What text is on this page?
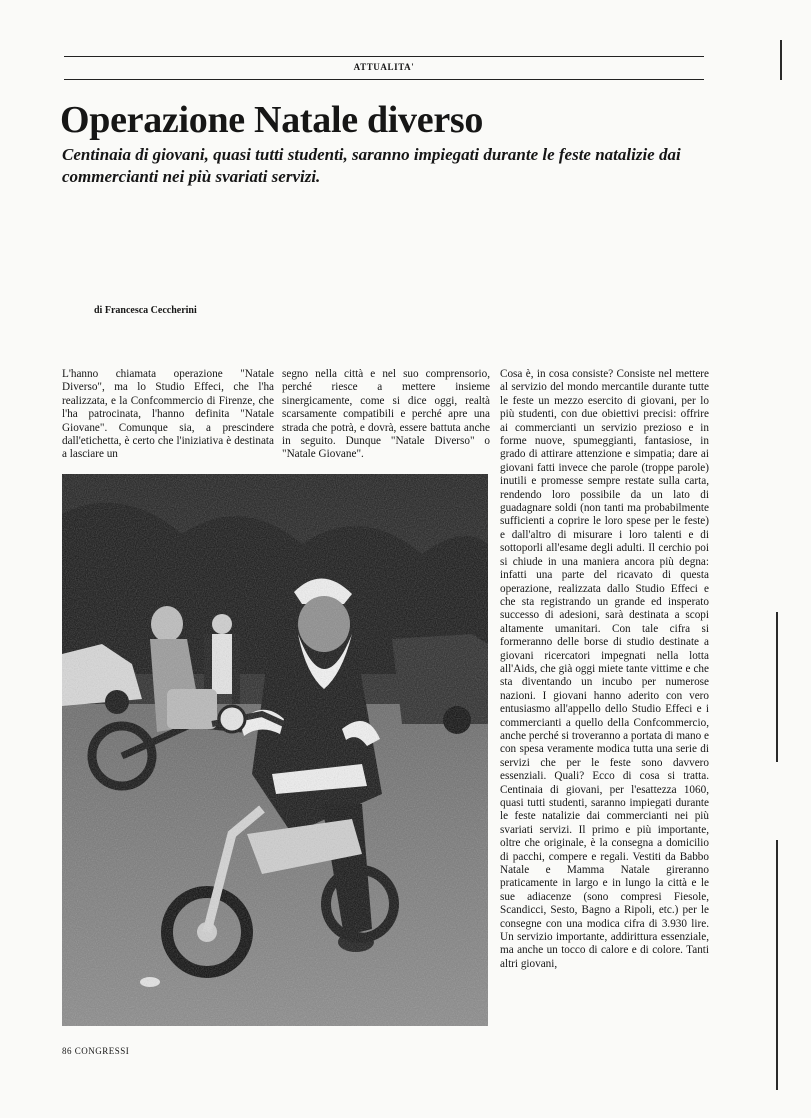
ATTUALITA'
Operazione Natale diverso

Centinaia di giovani, quasi tutti studenti, saranno impiegati durante le feste natalizie dai commercianti nei più svariati servizi.

di Francesca Ceccherini
L'hanno chiamata operazione "Natale Diverso", ma lo Studio Effeci, che l'ha realizzata, e la Confcommercio di Firenze, che l'ha patrocinata, l'hanno definita "Natale Giovane". Comunque sia, a prescindere dall'etichetta, è certo che l'iniziativa è destinata a lasciare un
segno nella città e nel suo comprensorio, perché riesce a mettere insieme sinergicamente, come si dice oggi, realtà scarsamente compatibili e perché apre una strada che potrà, e dovrà, essere battuta anche in seguito. Dunque "Natale Diverso" o "Natale Giovane".
Cosa è, in cosa consiste? Consiste nel mettere al servizio del mondo mercantile durante tutte le feste un mezzo esercito di giovani, per lo più studenti, con due obiettivi precisi: offrire ai commercianti un servizio prezioso e in forme nuove, spumeggianti, fantasiose, in grado di attirare attenzione e simpatia; dare ai giovani fatti invece che parole (troppe parole) inutili e promesse sempre restate sulla carta, rendendo loro possibile da un lato di guadagnare soldi (non tanti ma probabilmente sufficienti a coprire le loro spese per le feste) e dall'altro di misurare i loro talenti e di sottoporli all'esame degli adulti. Il cerchio poi si chiude in una maniera ancora più degna: infatti una parte del ricavato di questa operazione, realizzata dallo Studio Effeci e che sta registrando un grande ed insperato successo di adesioni, sarà destinata a scopi altamente umanitari. Con tale cifra si formeranno delle borse di studio destinate a giovani ricercatori impegnati nella lotta all'Aids, che già oggi miete tante vittime e che sta diventando un incubo per numerose nazioni. I giovani hanno aderito con vero entusiasmo all'appello dello Studio Effeci e i commercianti a quello della Confcommercio, anche perché si troveranno a portata di mano e con spesa veramente modica tutta una serie di servizi che per le feste sono davvero essenziali. Quali? Ecco di cosa si tratta. Centinaia di giovani, per l'esattezza 1060, quasi tutti studenti, saranno impiegati durante le feste natalizie dai commercianti nei più svariati servizi. Il primo e più importante, oltre che originale, è la consegna a domicilio di pacchi, compere e regali. Vestiti da Babbo Natale e Mamma Natale gireranno praticamente in largo e in lungo la città e le sue adiacenze (sono compresi Fiesole, Scandicci, Sesto, Bagno a Ripoli, etc.) per le consegne con una modica cifra di 3.930 lire. Un servizio importante, addirittura essenziale, ma anche un tocco di calore e di colore. Tanti altri giovani,
86 CONGRESSI
